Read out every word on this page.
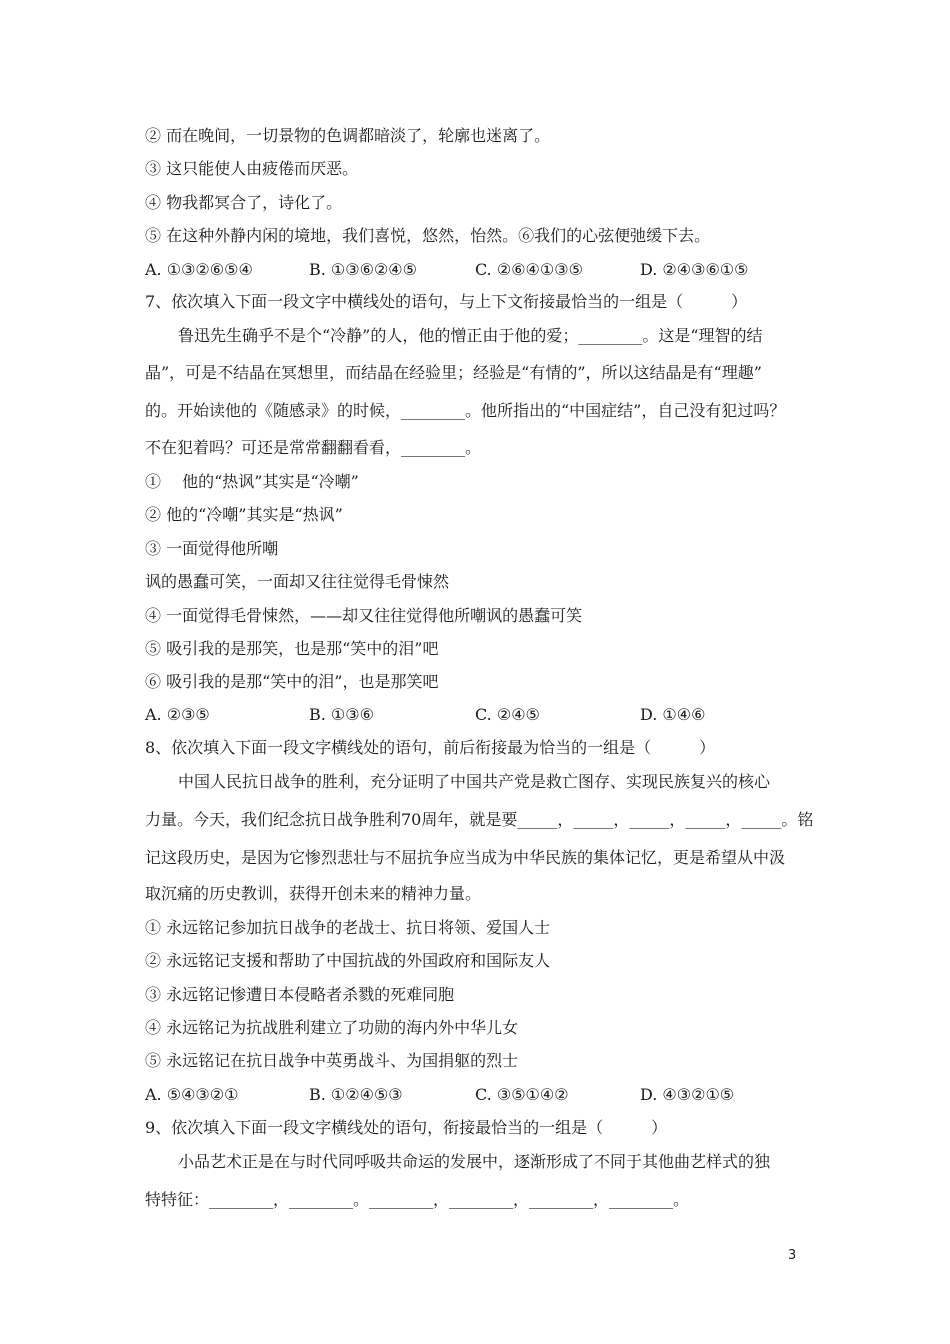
② 而在晚间，一切景物的色调都暗淡了，轮廓也迷离了。
③ 这只能使人由疲倦而厌恶。
④ 物我都冥合了，诗化了。
⑤ 在这种外静内闲的境地，我们喜悦，悠然，怡然。⑥我们的心弦便弛缓下去。
A. ①③②⑥⑤④	B. ①③⑥②④⑤	C. ②⑥④①③⑤	D. ②④③⑥①⑤
7、依次填入下面一段文字中横线处的语句，与上下文衔接最恰当的一组是（　　　）
鲁迅先生确乎不是个“冷静”的人，他的憎正由于他的爱；________。这是“理智的结
晶”，可是不结晶在冥想里，而结晶在经验里；经验是“有情的”，所以这结晶是有“理趣”
的。开始读他的《随感录》的时候，________。他所指出的“中国症结”，自己没有犯过吗？
不在犯着吗？可还是常常翻翻看看，________。
①　 他的“热讽”其实是“冷嘲”
② 他的“冷嘲”其实是“热讽”
③ 一面觉得他所嘲
讽的愚蠢可笑，一面却又往往觉得毛骨悚然
④ 一面觉得毛骨悚然，——却又往往觉得他所嘲讽的愚蠢可笑
⑤ 吸引我的是那笑，也是那“笑中的泪”吧
⑥ 吸引我的是那“笑中的泪”，也是那笑吧
A. ②③⑤	B. ①③⑥	C. ②④⑤	D. ①④⑥
8、依次填入下面一段文字横线处的语句，前后衔接最为恰当的一组是（　　　）
中国人民抗日战争的胜利，充分证明了中国共产党是救亡图存、实现民族复兴的核心
力量。今天，我们纪念抗日战争胜利70周年，就是要_____，_____，_____，_____，_____。铭
记这段历史，是因为它惨烈悲壮与不屈抗争应当成为中华民族的集体记忆，更是希望从中汲
取沉痛的历史教训，获得开创未来的精神力量。
① 永远铭记参加抗日战争的老战士、抗日将领、爱国人士
② 永远铭记支援和帮助了中国抗战的外国政府和国际友人
③ 永远铭记惨遭日本侵略者杀戮的死难同胞
④ 永远铭记为抗战胜利建立了功勋的海内外中华儿女
⑤ 永远铭记在抗日战争中英勇战斗、为国捐躯的烈士
A. ⑤④③②①	B. ①②④⑤③	C. ③⑤①④②	D. ④③②①⑤
9、依次填入下面一段文字横线处的语句，衔接最恰当的一组是（　　　）
小品艺术正是在与时代同呼吸共命运的发展中，逐渐形成了不同于其他曲艺样式的独
特特征：________，________。________，________，________，________。
3
